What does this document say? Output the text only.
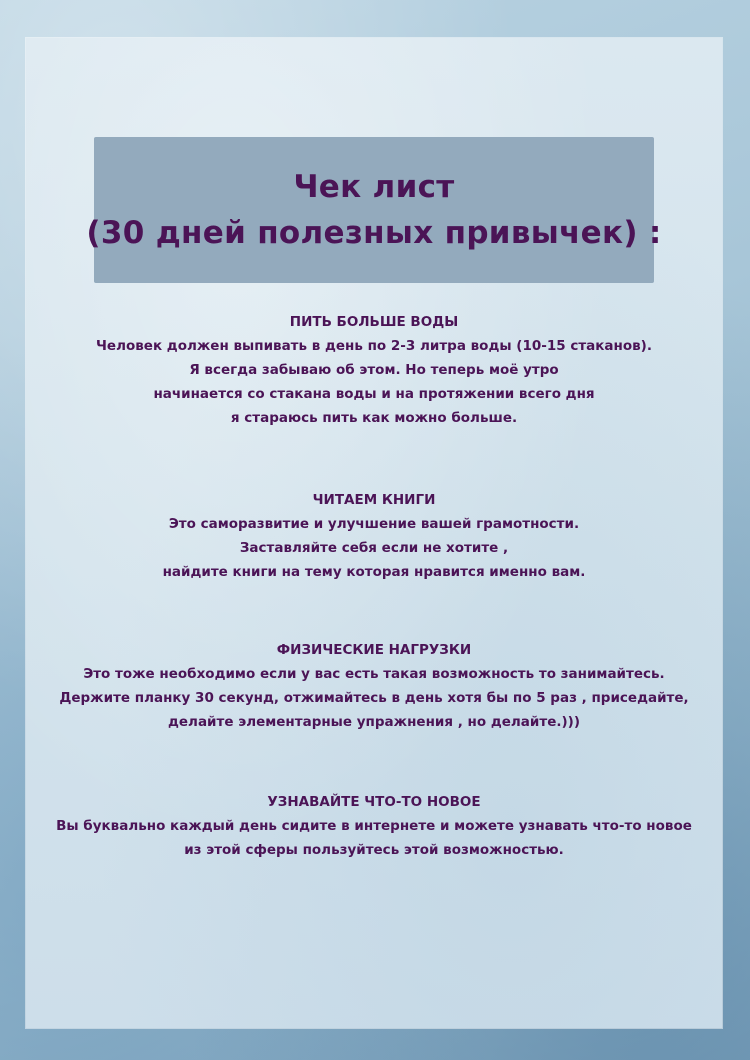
Чек лист
(30 дней полезных привычек) :
ПИТЬ БОЛЬШЕ ВОДЫ
Человек должен выпивать в день по 2-3 литра воды (10-15 стаканов).
Я всегда забываю об этом. Но теперь моё утро
начинается со стакана воды и на протяжении всего дня
я стараюсь пить как можно больше.
ЧИТАЕМ КНИГИ
Это саморазвитие и улучшение вашей грамотности.
Заставляйте себя если не хотите ,
найдите книги на тему которая нравится именно вам.
ФИЗИЧЕСКИЕ НАГРУЗКИ
Это тоже необходимо если у вас есть такая возможность то занимайтесь.
Держите планку 30 секунд, отжимайтесь в день хотя бы по 5 раз , приседайте,
делайте элементарные упражнения , но делайте.)))
УЗНАВАЙТЕ ЧТО-ТО НОВОЕ
Вы буквально каждый день сидите в интернете и можете узнавать что-то новое
из этой сферы пользуйтесь этой возможностью.
